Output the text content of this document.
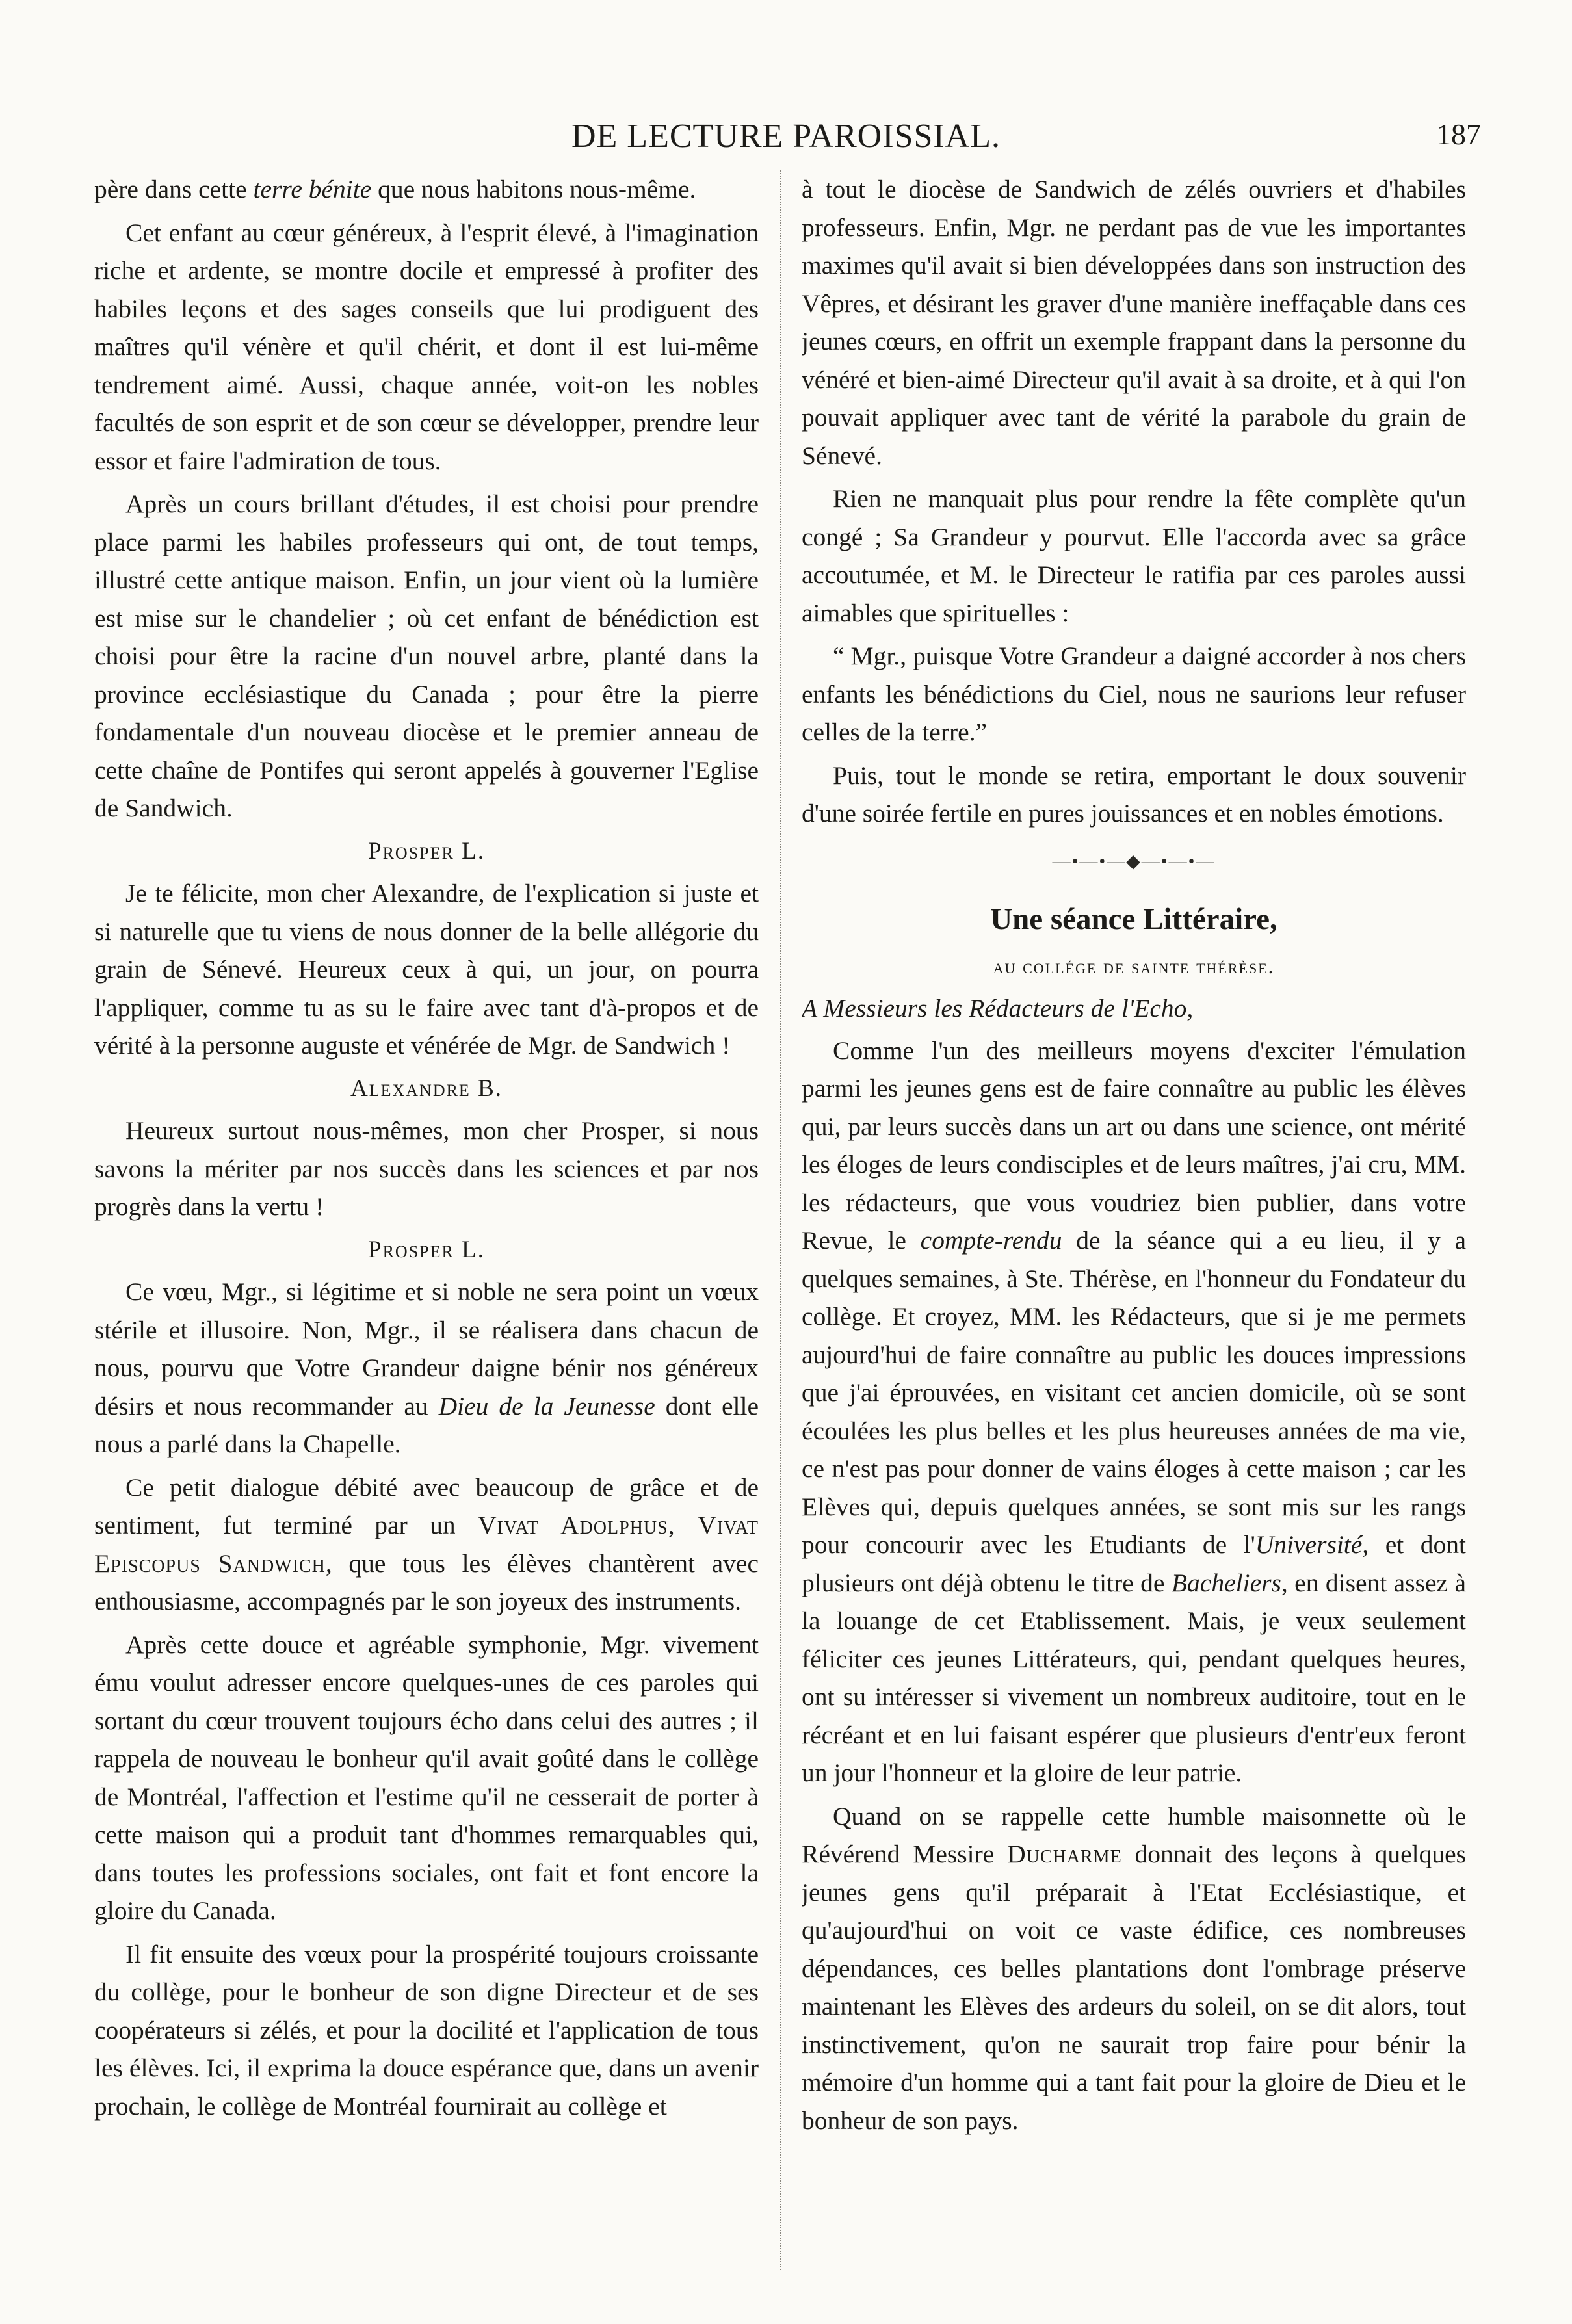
DE LECTURE PAROISSIAL.	187

père dans cette terre bénite que nous habitons nous-même.

Cet enfant au cœur généreux, à l'esprit élevé, à l'imagination riche et ardente, se montre docile et empressé à profiter des habiles leçons et des sages conseils que lui prodiguent des maîtres qu'il vénère et qu'il chérit, et dont il est lui-même tendrement aimé. Aussi, chaque année, voit-on les nobles facultés de son esprit et de son cœur se développer, prendre leur essor et faire l'admiration de tous.

Après un cours brillant d'études, il est choisi pour prendre place parmi les habiles professeurs qui ont, de tout temps, illustré cette antique maison. Enfin, un jour vient où la lumière est mise sur le chandelier ; où cet enfant de bénédiction est choisi pour être la racine d'un nouvel arbre, planté dans la province ecclésiastique du Canada ; pour être la pierre fondamentale d'un nouveau diocèse et le premier anneau de cette chaîne de Pontifes qui seront appelés à gouverner l'Eglise de Sandwich.

Prosper L.

Je te félicite, mon cher Alexandre, de l'explication si juste et si naturelle que tu viens de nous donner de la belle allégorie du grain de Sénevé. Heureux ceux à qui, un jour, on pourra l'appliquer, comme tu as su le faire avec tant d'à-propos et de vérité à la personne auguste et vénérée de Mgr. de Sandwich !

Alexandre B.

Heureux surtout nous-mêmes, mon cher Prosper, si nous savons la mériter par nos succès dans les sciences et par nos progrès dans la vertu !

Prosper L.

Ce vœu, Mgr., si légitime et si noble ne sera point un vœux stérile et illusoire. Non, Mgr., il se réalisera dans chacun de nous, pourvu que Votre Grandeur daigne bénir nos généreux désirs et nous recommander au Dieu de la Jeunesse dont elle nous a parlé dans la Chapelle.

Ce petit dialogue débité avec beaucoup de grâce et de sentiment, fut terminé par un Vivat Adolphus, Vivat Episcopus Sandwich, que tous les élèves chantèrent avec enthousiasme, accompagnés par le son joyeux des instruments.

Après cette douce et agréable symphonie, Mgr. vivement ému voulut adresser encore quelques-unes de ces paroles qui sortant du cœur trouvent toujours écho dans celui des autres ; il rappela de nouveau le bonheur qu'il avait goûté dans le collège de Montréal, l'affection et l'estime qu'il ne cesserait de porter à cette maison qui a produit tant d'hommes remarquables qui, dans toutes les professions sociales, ont fait et font encore la gloire du Canada.

Il fit ensuite des vœux pour la prospérité toujours croissante du collège, pour le bonheur de son digne Directeur et de ses coopérateurs si zélés, et pour la docilité et l'application de tous les élèves. Ici, il exprima la douce espérance que, dans un avenir prochain, le collège de Montréal fournirait au collège et

à tout le diocèse de Sandwich de zélés ouvriers et d'habiles professeurs. Enfin, Mgr. ne perdant pas de vue les importantes maximes qu'il avait si bien développées dans son instruction des Vêpres, et désirant les graver d'une manière ineffaçable dans ces jeunes cœurs, en offrit un exemple frappant dans la personne du vénéré et bien-aimé Directeur qu'il avait à sa droite, et à qui l'on pouvait appliquer avec tant de vérité la parabole du grain de Sénevé.

Rien ne manquait plus pour rendre la fête complète qu'un congé ; Sa Grandeur y pourvut. Elle l'accorda avec sa grâce accoutumée, et M. le Directeur le ratifia par ces paroles aussi aimables que spirituelles :

“ Mgr., puisque Votre Grandeur a daigné accorder à nos chers enfants les bénédictions du Ciel, nous ne saurions leur refuser celles de la terre.”

Puis, tout le monde se retira, emportant le doux souvenir d'une soirée fertile en pures jouissances et en nobles émotions.

—•—•—◆—•—•—
Une séance Littéraire,
au collége de sainte thérèse.
A Messieurs les Rédacteurs de l'Echo,

Comme l'un des meilleurs moyens d'exciter l'émulation parmi les jeunes gens est de faire connaître au public les élèves qui, par leurs succès dans un art ou dans une science, ont mérité les éloges de leurs condisciples et de leurs maîtres, j'ai cru, MM. les rédacteurs, que vous voudriez bien publier, dans votre Revue, le compte-rendu de la séance qui a eu lieu, il y a quelques semaines, à Ste. Thérèse, en l'honneur du Fondateur du collège. Et croyez, MM. les Rédacteurs, que si je me permets aujourd'hui de faire connaître au public les douces impressions que j'ai éprouvées, en visitant cet ancien domicile, où se sont écoulées les plus belles et les plus heureuses années de ma vie, ce n'est pas pour donner de vains éloges à cette maison ; car les Elèves qui, depuis quelques années, se sont mis sur les rangs pour concourir avec les Etudiants de l'Université, et dont plusieurs ont déjà obtenu le titre de Bacheliers, en disent assez à la louange de cet Etablissement. Mais, je veux seulement féliciter ces jeunes Littérateurs, qui, pendant quelques heures, ont su intéresser si vivement un nombreux auditoire, tout en le récréant et en lui faisant espérer que plusieurs d'entr'eux feront un jour l'honneur et la gloire de leur patrie.

Quand on se rappelle cette humble maisonnette où le Révérend Messire Ducharme donnait des leçons à quelques jeunes gens qu'il préparait à l'Etat Ecclésiastique, et qu'aujourd'hui on voit ce vaste édifice, ces nombreuses dépendances, ces belles plantations dont l'ombrage préserve maintenant les Elèves des ardeurs du soleil, on se dit alors, tout instinctivement, qu'on ne saurait trop faire pour bénir la mémoire d'un homme qui a tant fait pour la gloire de Dieu et le bonheur de son pays.
